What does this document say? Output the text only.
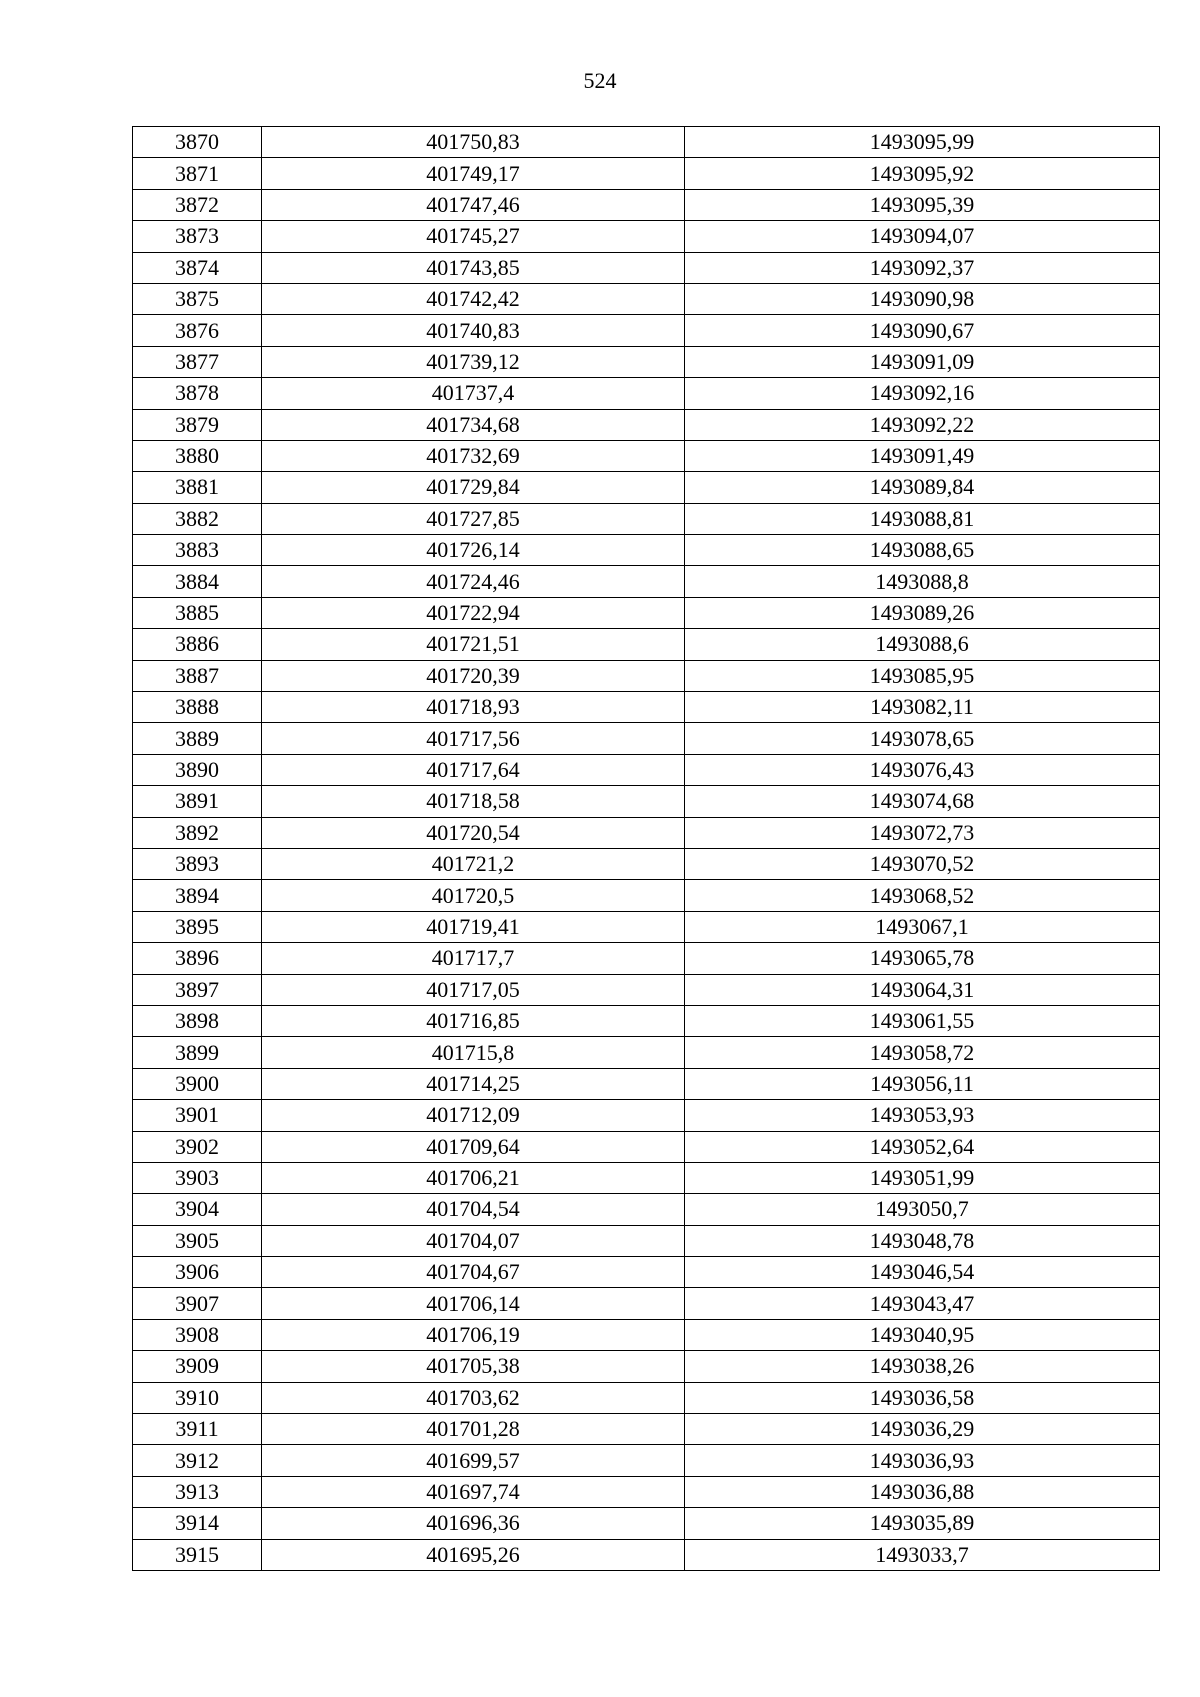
524
3870	401750,83	1493095,99
3871	401749,17	1493095,92
3872	401747,46	1493095,39
3873	401745,27	1493094,07
3874	401743,85	1493092,37
3875	401742,42	1493090,98
3876	401740,83	1493090,67
3877	401739,12	1493091,09
3878	401737,4	1493092,16
3879	401734,68	1493092,22
3880	401732,69	1493091,49
3881	401729,84	1493089,84
3882	401727,85	1493088,81
3883	401726,14	1493088,65
3884	401724,46	1493088,8
3885	401722,94	1493089,26
3886	401721,51	1493088,6
3887	401720,39	1493085,95
3888	401718,93	1493082,11
3889	401717,56	1493078,65
3890	401717,64	1493076,43
3891	401718,58	1493074,68
3892	401720,54	1493072,73
3893	401721,2	1493070,52
3894	401720,5	1493068,52
3895	401719,41	1493067,1
3896	401717,7	1493065,78
3897	401717,05	1493064,31
3898	401716,85	1493061,55
3899	401715,8	1493058,72
3900	401714,25	1493056,11
3901	401712,09	1493053,93
3902	401709,64	1493052,64
3903	401706,21	1493051,99
3904	401704,54	1493050,7
3905	401704,07	1493048,78
3906	401704,67	1493046,54
3907	401706,14	1493043,47
3908	401706,19	1493040,95
3909	401705,38	1493038,26
3910	401703,62	1493036,58
3911	401701,28	1493036,29
3912	401699,57	1493036,93
3913	401697,74	1493036,88
3914	401696,36	1493035,89
3915	401695,26	1493033,7
